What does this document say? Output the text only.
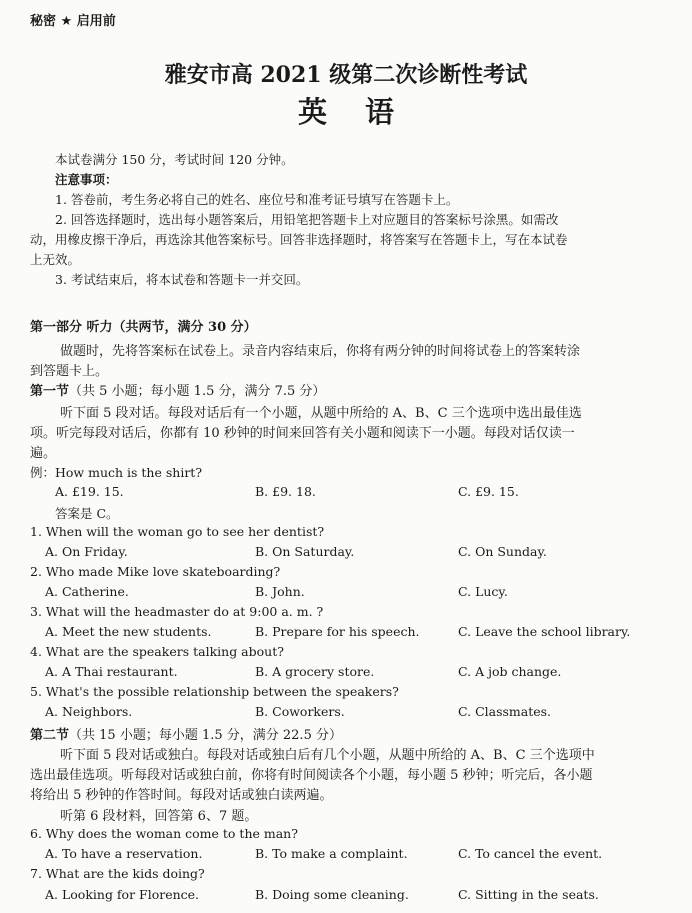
秘密 ★ 启用前
雅安市高 2021 级第二次诊断性考试
英语
本试卷满分 150 分，考试时间 120 分钟。
注意事项：
1. 答卷前，考生务必将自己的姓名、座位号和准考证号填写在答题卡上。
2. 回答选择题时，选出每小题答案后，用铅笔把答题卡上对应题目的答案标号涂黑。如需改
动，用橡皮擦干净后，再选涂其他答案标号。回答非选择题时，将答案写在答题卡上，写在本试卷
上无效。
3. 考试结束后，将本试卷和答题卡一并交回。
第一部分 听力（共两节，满分 30 分）
做题时，先将答案标在试卷上。录音内容结束后，你将有两分钟的时间将试卷上的答案转涂
到答题卡上。
第一节（共 5 小题；每小题 1.5 分，满分 7.5 分）
听下面 5 段对话。每段对话后有一个小题，从题中所给的 A、B、C 三个选项中选出最佳选
项。听完每段对话后，你都有 10 秒钟的时间来回答有关小题和阅读下一小题。每段对话仅读一
遍。
例：How much is the shirt?
A. £19. 15.	B. £9. 18.	C. £9. 15.
答案是 C。
1. When will the woman go to see her dentist?
A. On Friday.	B. On Saturday.	C. On Sunday.
2. Who made Mike love skateboarding?
A. Catherine.	B. John.	C. Lucy.
3. What will the headmaster do at 9:00 a. m. ?
A. Meet the new students.	B. Prepare for his speech.	C. Leave the school library.
4. What are the speakers talking about?
A. A Thai restaurant.	B. A grocery store.	C. A job change.
5. What's the possible relationship between the speakers?
A. Neighbors.	B. Coworkers.	C. Classmates.
第二节（共 15 小题；每小题 1.5 分，满分 22.5 分）
听下面 5 段对话或独白。每段对话或独白后有几个小题，从题中所给的 A、B、C 三个选项中
选出最佳选项。听每段对话或独白前，你将有时间阅读各个小题，每小题 5 秒钟；听完后，各小题
将给出 5 秒钟的作答时间。每段对话或独白读两遍。
听第 6 段材料，回答第 6、7 题。
6. Why does the woman come to the man?
A. To have a reservation.	B. To make a complaint.	C. To cancel the event.
7. What are the kids doing?
A. Looking for Florence.	B. Doing some cleaning.	C. Sitting in the seats.
